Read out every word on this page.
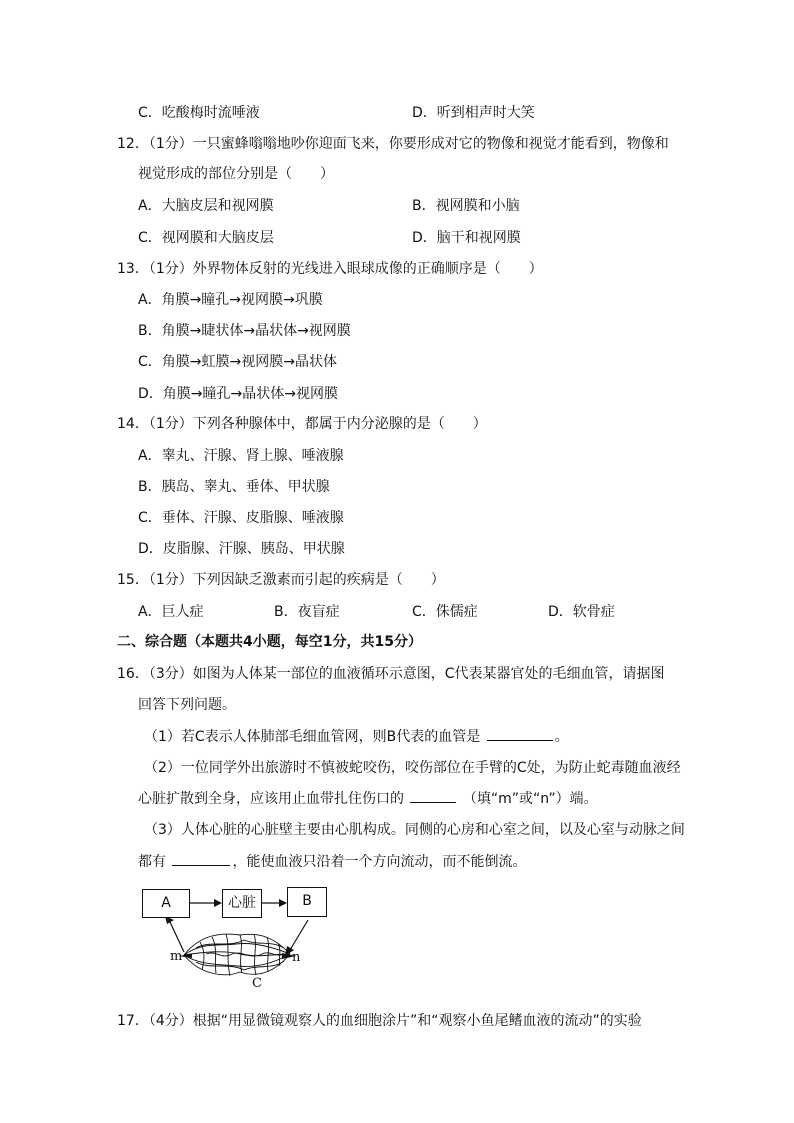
C．吃酸梅时流唾液	D．听到相声时大笑
12．（1分）一只蜜蜂嗡嗡地吵你迎面飞来，你要形成对它的物像和视觉才能看到，物像和
视觉形成的部位分别是（　　）
A．大脑皮层和视网膜	B．视网膜和小脑
C．视网膜和大脑皮层	D．脑干和视网膜
13．（1分）外界物体反射的光线进入眼球成像的正确顺序是（　　）
A．角膜→瞳孔→视网膜→巩膜
B．角膜→睫状体→晶状体→视网膜
C．角膜→虹膜→视网膜→晶状体
D．角膜→瞳孔→晶状体→视网膜
14．（1分）下列各种腺体中，都属于内分泌腺的是（　　）
A．睾丸、汗腺、肾上腺、唾液腺
B．胰岛、睾丸、垂体、甲状腺
C．垂体、汗腺、皮脂腺、唾液腺
D．皮脂腺、汗腺、胰岛、甲状腺
15．（1分）下列因缺乏激素而引起的疾病是（　　）
A．巨人症	B．夜盲症	C．侏儒症	D．软骨症
二、综合题（本题共4小题，每空1分，共15分）
16．（3分）如图为人体某一部位的血液循环示意图，C代表某器官处的毛细血管，请据图
回答下列问题。
（1）若C表示人体肺部毛细血管网，则B代表的血管是	。
（2）一位同学外出旅游时不慎被蛇咬伤，咬伤部位在手臂的C处，为防止蛇毒随血液经
心脏扩散到全身，应该用止血带扎住伤口的	（填“m”或“n”）端。
（3）人体心脏的心脏壁主要由心肌构成。同侧的心房和心室之间，以及心室与动脉之间
都有	，能使血液只沿着一个方向流动，而不能倒流。
A	心脏	B
m	n
C
17．（4分）根据“用显微镜观察人的血细胞涂片”和“观察小鱼尾鳍血液的流动”的实验
